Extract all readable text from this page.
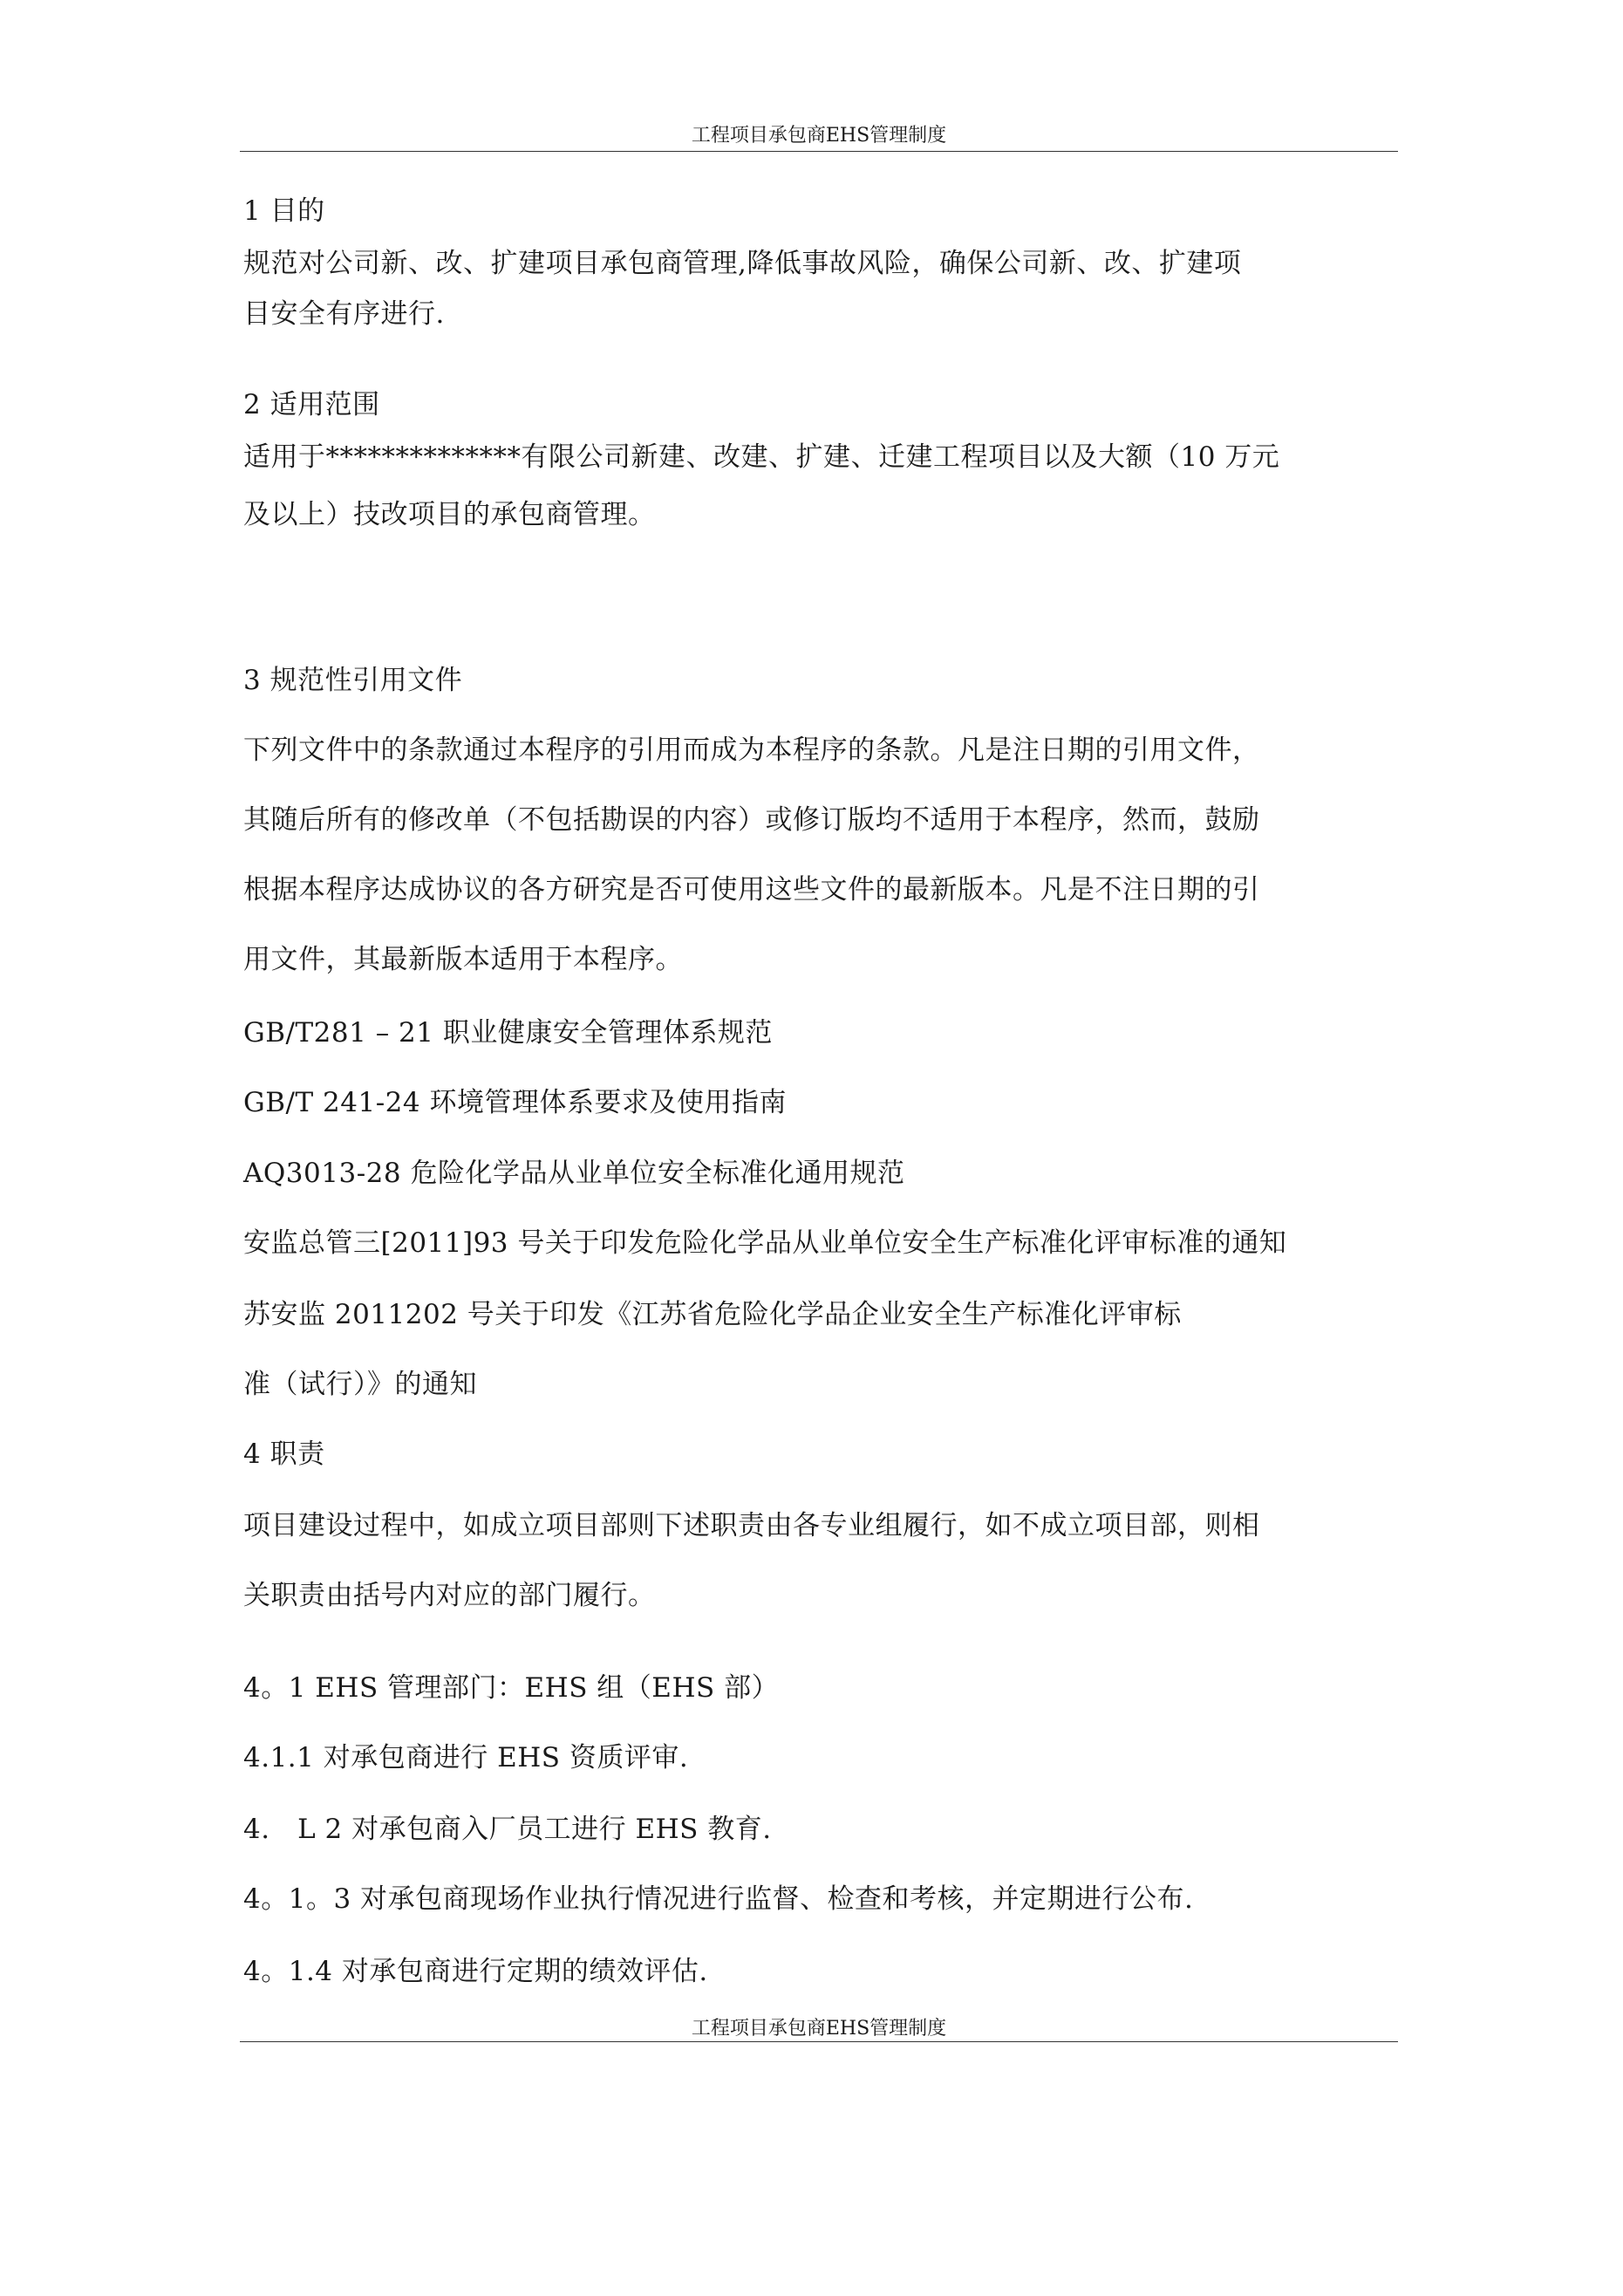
工程项目承包商EHS管理制度
1 目的
规范对公司新、改、扩建项目承包商管理,降低事故风险，确保公司新、改、扩建项
目安全有序进行.
2 适用范围
适用于**************有限公司新建、改建、扩建、迁建工程项目以及大额（10 万元
及以上）技改项目的承包商管理。
3 规范性引用文件
下列文件中的条款通过本程序的引用而成为本程序的条款。凡是注日期的引用文件，
其随后所有的修改单（不包括勘误的内容）或修订版均不适用于本程序，然而，鼓励
根据本程序达成协议的各方研究是否可使用这些文件的最新版本。凡是不注日期的引
用文件，其最新版本适用于本程序。
GB/T281 – 21 职业健康安全管理体系规范
GB/T 241-24 环境管理体系要求及使用指南
AQ3013-28 危险化学品从业单位安全标准化通用规范
安监总管三[2011]93 号关于印发危险化学品从业单位安全生产标准化评审标准的通知
苏安监 2011202 号关于印发《江苏省危险化学品企业安全生产标准化评审标
准（试行）》的通知
4 职责
项目建设过程中，如成立项目部则下述职责由各专业组履行，如不成立项目部，则相
关职责由括号内对应的部门履行。
4。1 EHS 管理部门：EHS 组（EHS 部）
4.1.1 对承包商进行 EHS 资质评审.
4.　L 2 对承包商入厂员工进行 EHS 教育.
4。1。3 对承包商现场作业执行情况进行监督、检查和考核，并定期进行公布.
4。1.4 对承包商进行定期的绩效评估.
工程项目承包商EHS管理制度
